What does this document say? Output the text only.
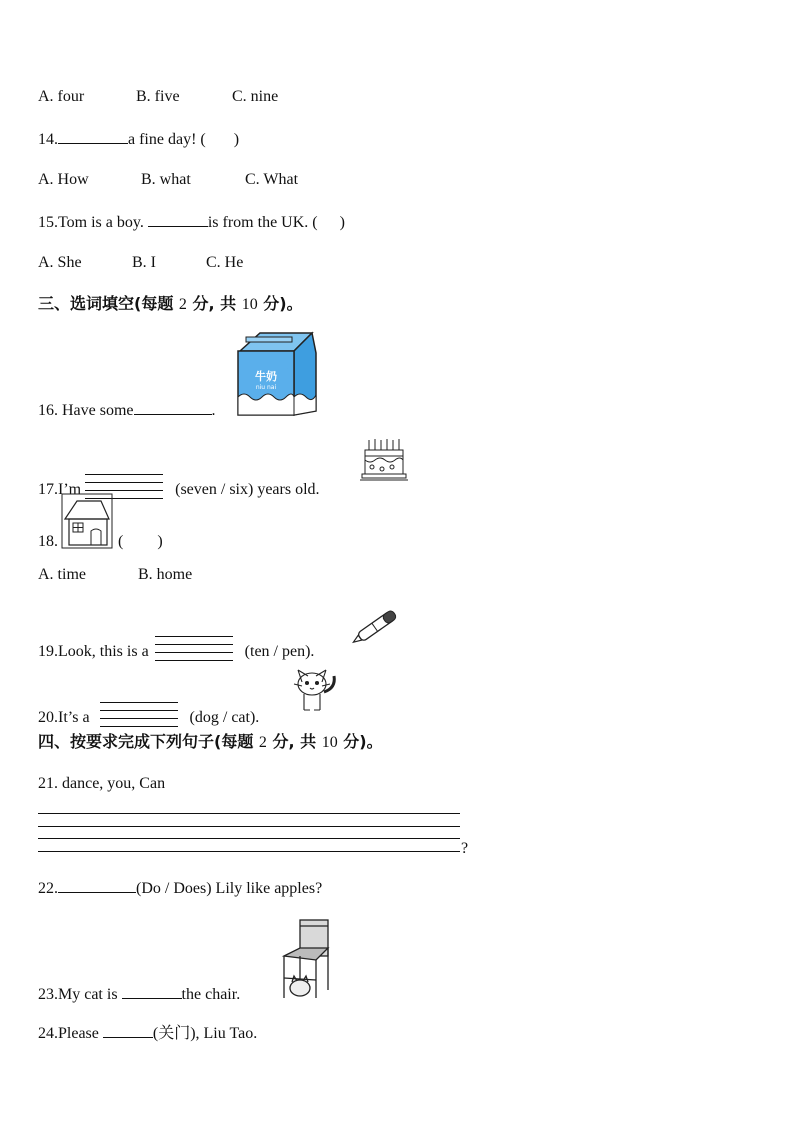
A. four	B. five	C. nine
14.	a fine day! ( )
A. How	B. what	C. What
15.Tom is a boy.	is from the UK. ( )
A. She	B. I	C. He
三、选词填空(每题 2 分, 共 10 分)。
牛奶
niu nai
16. Have some	.
17.I’m	(seven / six) years old.
18.	( )
A. time	B. home
19.Look, this is a	(ten / pen).
20.It’s a	(dog / cat).
四、按要求完成下列句子(每题 2 分, 共 10 分)。
21. dance, you, Can
?
22.	(Do / Does) Lily like apples?
23.My cat is	the chair.
24.Please	(关门), Liu Tao.
